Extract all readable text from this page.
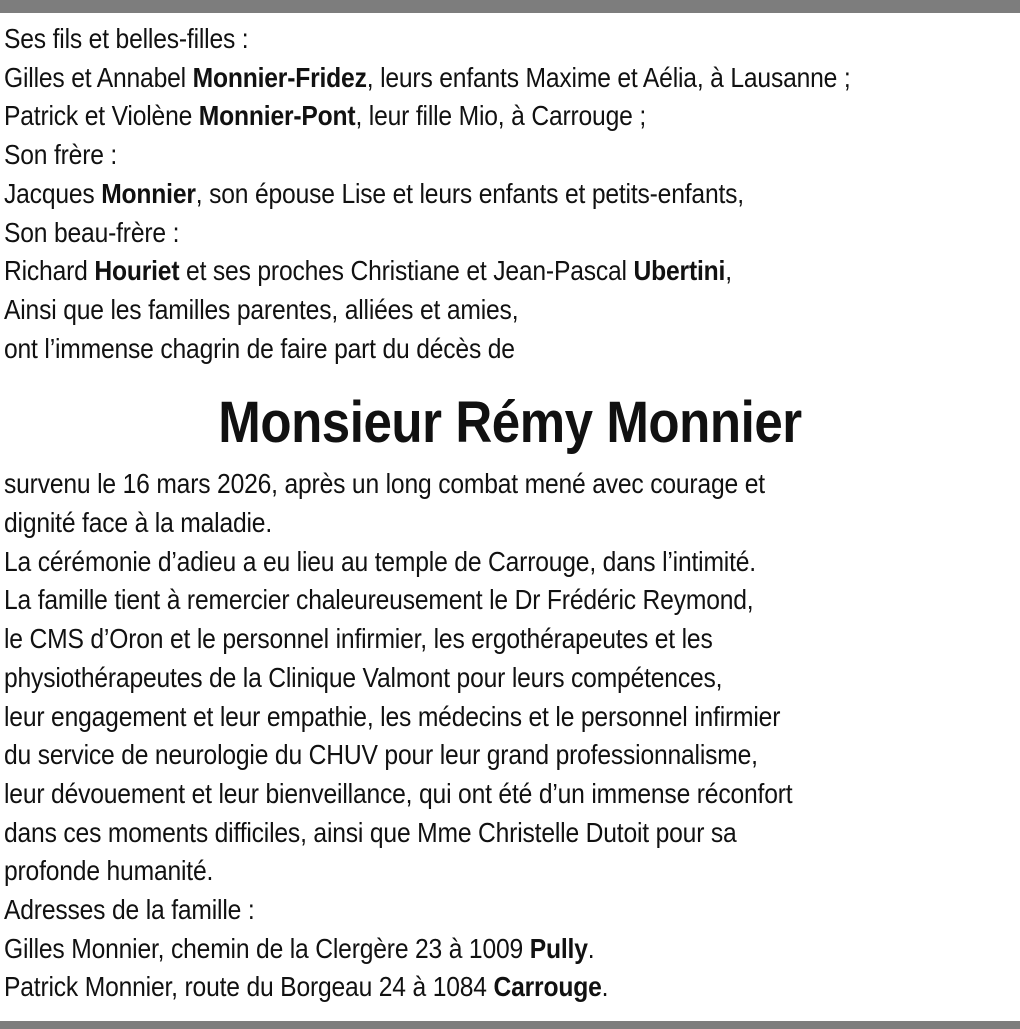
Ses fils et belles-filles :
Gilles et Annabel Monnier-Fridez, leurs enfants Maxime et Aélia, à Lausanne ;
Patrick et Violène Monnier-Pont, leur fille Mio, à Carrouge ;
Son frère :
Jacques Monnier, son épouse Lise et leurs enfants et petits-enfants,
Son beau-frère :
Richard Houriet et ses proches Christiane et Jean-Pascal Ubertini,
Ainsi que les familles parentes, alliées et amies,
ont l’immense chagrin de faire part du décès de
Monsieur Rémy Monnier
survenu le 16 mars 2026, après un long combat mené avec courage et
dignité face à la maladie.
La cérémonie d’adieu a eu lieu au temple de Carrouge, dans l’intimité.
La famille tient à remercier chaleureusement le Dr Frédéric Reymond,
le CMS d’Oron et le personnel infirmier, les ergothérapeutes et les
physiothérapeutes de la Clinique Valmont pour leurs compétences,
leur engagement et leur empathie, les médecins et le personnel infirmier
du service de neurologie du CHUV pour leur grand professionnalisme,
leur dévouement et leur bienveillance, qui ont été d’un immense réconfort
dans ces moments difficiles, ainsi que Mme Christelle Dutoit pour sa
profonde humanité.
Adresses de la famille :
Gilles Monnier, chemin de la Clergère 23 à 1009 Pully.
Patrick Monnier, route du Borgeau 24 à 1084 Carrouge.
